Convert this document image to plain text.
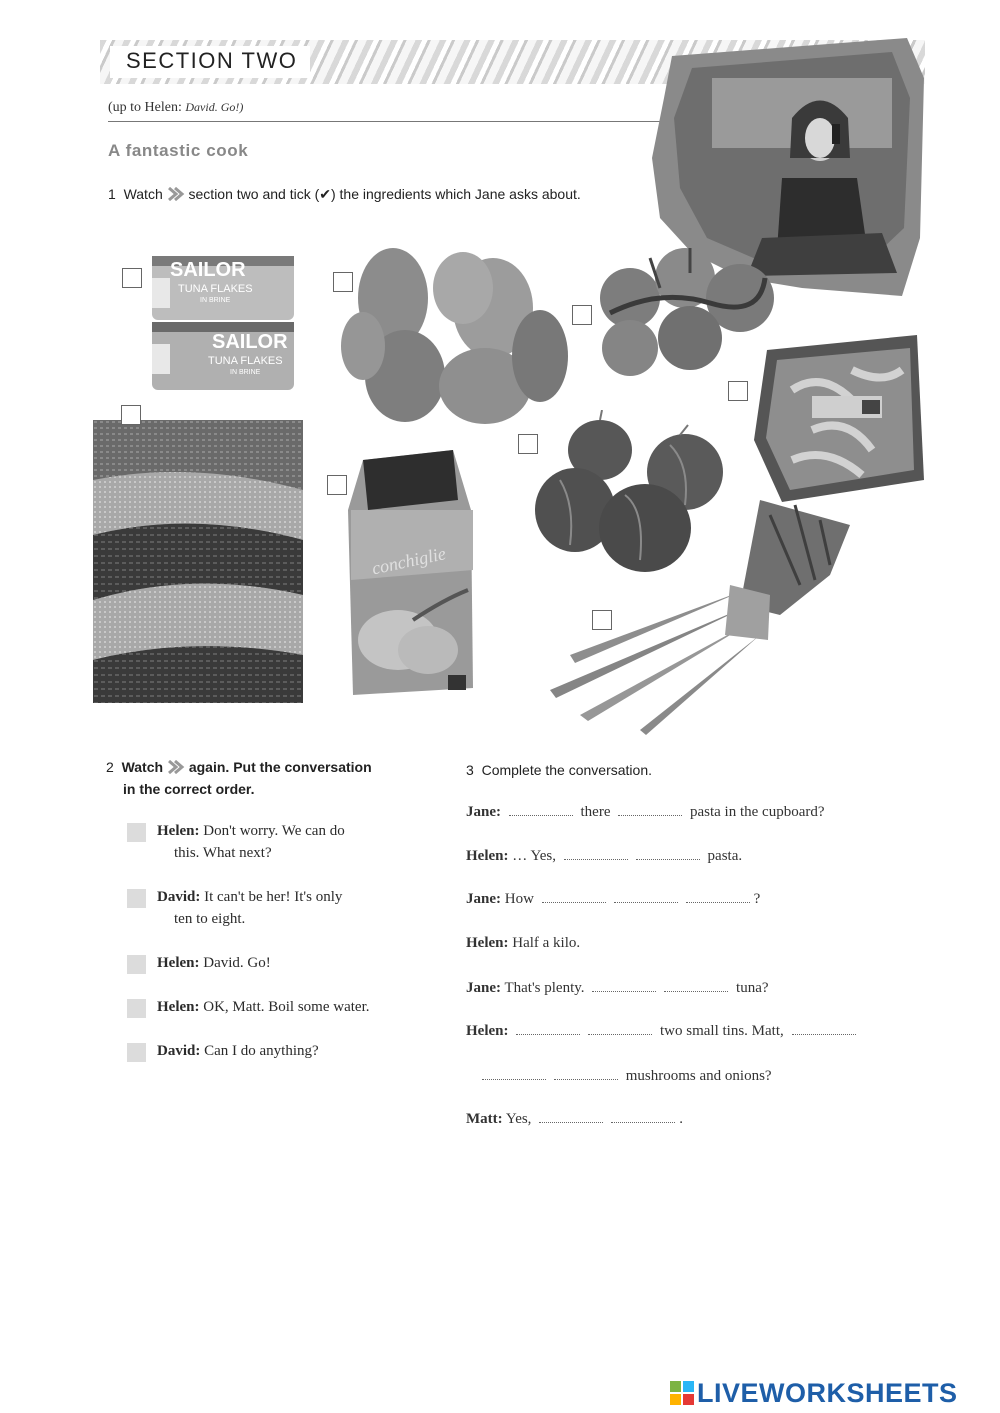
SECTION TWO
(up to Helen: David. Go!)
A fantastic cook
1 Watch section two and tick (✔) the ingredients which Jane asks about.
SAILOR
TUNA FLAKES
IN BRINE
SAILOR
TUNA FLAKES
IN BRINE
conchiglie
2 Watch again. Put the conversation
in the correct order.
Helen: Don't worry. We can do
this. What next?
David: It can't be her! It's only
ten to eight.
Helen: David. Go!
Helen: OK, Matt. Boil some water.
David: Can I do anything?
3 Complete the conversation.
Jane:	there	pasta in the cupboard?
Helen: … Yes,	pasta.
Jane: How	?
Helen: Half a kilo.
Jane: That's plenty.	tuna?
Helen:	two small tins. Matt,
mushrooms and onions?
Matt: Yes,	.
LIVEWORKSHEETS
